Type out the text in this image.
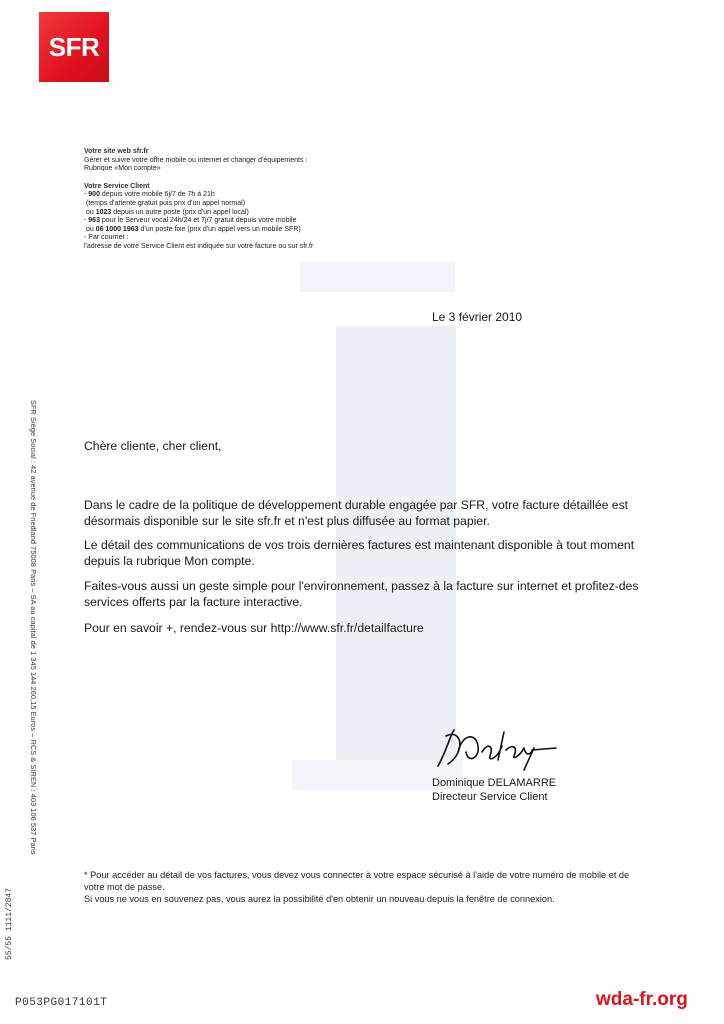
SFR
Votre site web sfr.fr
Gérer et suivre votre offre mobile ou internet et changer d'équipements :
Rubrique «Mon compte»
Votre Service Client
- 900 depuis votre mobile 6j/7 de 7h à 21h
(temps d'attente gratuit puis prix d'un appel normal)
ou 1023 depuis un autre poste (prix d'un appel local)
- 963 pour le Serveur vocal 24h/24 et 7j/7 gratuit depuis votre mobile
ou 06 1000 1963 d'un poste fixe (prix d'un appel vers un mobile SFR)
- Par courrier :
l'adresse de votre Service Client est indiquée sur votre facture ou sur sfr.fr
Le 3 février 2010
Chère cliente, cher client,
Dans le cadre de la politique de développement durable engagée par SFR, votre facture détaillée est désormais disponible sur le site sfr.fr et n'est plus diffusée au format papier.
Le détail des communications de vos trois dernières factures est maintenant disponible à tout moment depuis la rubrique Mon compte.
Faites-vous aussi un geste simple pour l'environnement, passez à la facture sur internet et profitez-des services offerts par la facture interactive.
Pour en savoir +, rendez-vous sur http://www.sfr.fr/detailfacture
Dominique DELAMARRE
Directeur Service Client
* Pour accéder au détail de vos factures, vous devez vous connecter à votre espace sécurisé à l'aide de votre numéro de mobile et de votre mot de passe.
Si vous ne vous en souvenez pas, vous aurez la possibilité d'en obtenir un nouveau depuis la fenêtre de connexion.
SFR Siège Social : 42 avenue de Friedland 75008 Paris – SA au capital de 1 345 144 260,15 Euros – RCS & SIREN : 403 106 537 Paris
55/55 1111/2847
P053PG017101T	wda-fr.org
